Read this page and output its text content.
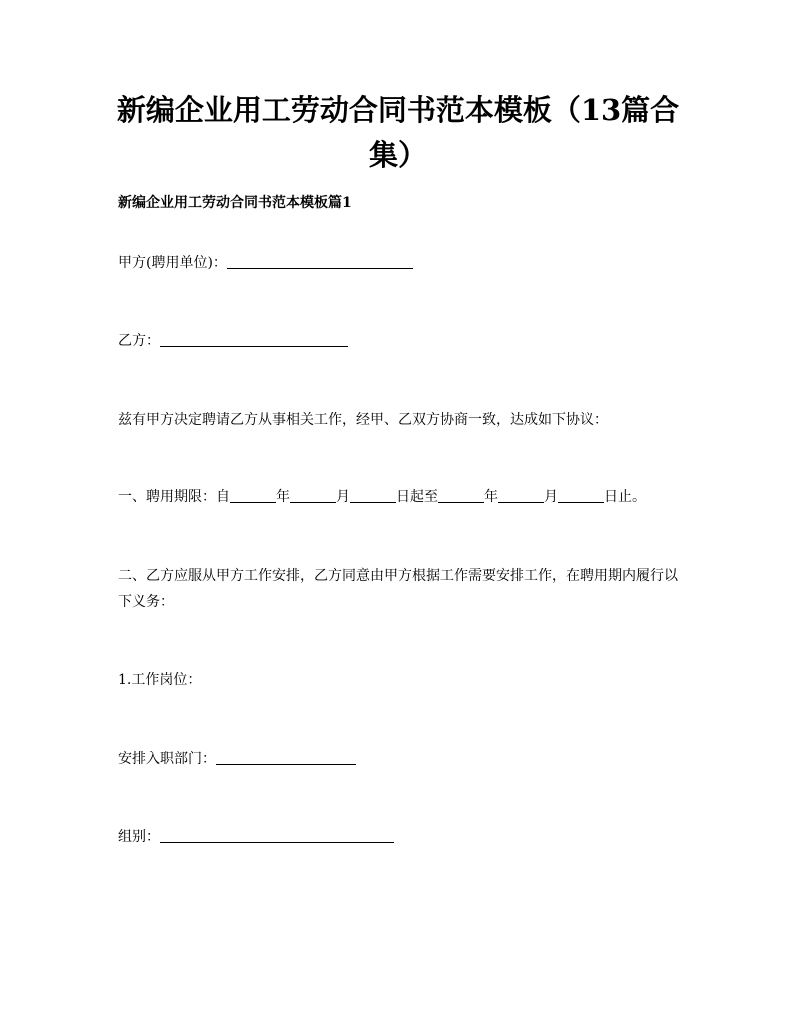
新编企业用工劳动合同书范本模板（13篇合集）
新编企业用工劳动合同书范本模板篇1
甲方(聘用单位)：
乙方：
兹有甲方决定聘请乙方从事相关工作，经甲、乙双方协商一致，达成如下协议：
一、聘用期限：自	年	月	日起至	年	月	日止。
二、乙方应服从甲方工作安排，乙方同意由甲方根据工作需要安排工作，在聘用期内履行以下义务：
1.工作岗位：
安排入职部门：
组别：
